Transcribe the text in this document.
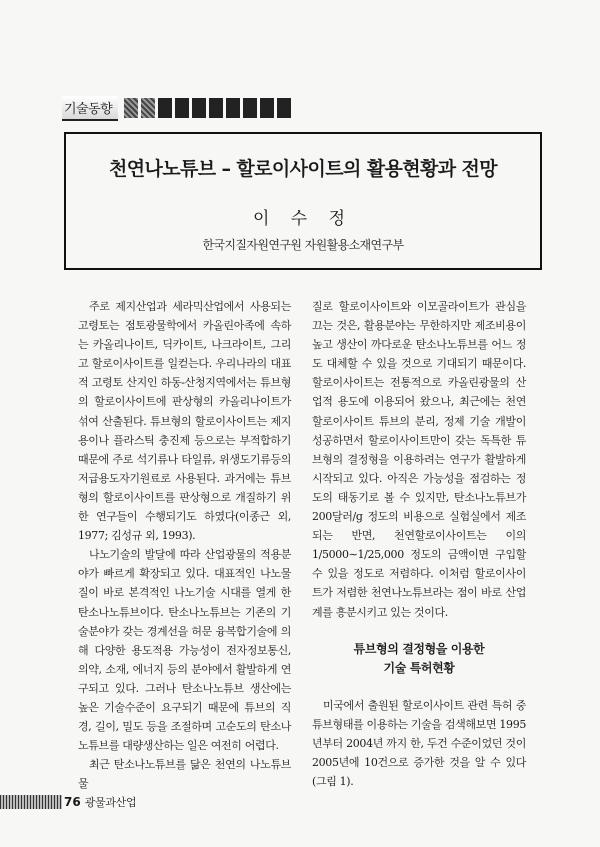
기술동향
천연나노튜브 – 할로이사이트의 활용현황과 전망
이 수 정
한국지질자원연구원 자원활용소재연구부

주로 제지산업과 세라믹산업에서 사용되는 고령토는 점토광물학에서 카올린아족에 속하는 카올리나이트, 딕카이트, 나크라이트, 그리고 할로이사이트를 일컫는다. 우리나라의 대표적 고령토 산지인 하동-산청지역에서는 튜브형의 할로이사이트에 판상형의 카올리나이트가 섞여 산출된다. 튜브형의 할로이사이트는 제지용이나 플라스틱 충진제 등으로는 부적합하기 때문에 주로 석기류나 타일류, 위생도기류등의 저급용도자기원료로 사용된다. 과거에는 튜브형의 할로이사이트를 판상형으로 개질하기 위한 연구들이 수행되기도 하였다(이종근 외, 1977; 김성규 외, 1993).

나노기술의 발달에 따라 산업광물의 적용분야가 빠르게 확장되고 있다. 대표적인 나노물질이 바로 본격적인 나노기술 시대를 열게 한 탄소나노튜브이다. 탄소나노튜브는 기존의 기술분야가 갖는 경계선을 허문 융복합기술에 의해 다양한 용도적용 가능성이 전자정보통신, 의약, 소재, 에너지 등의 분야에서 활발하게 연구되고 있다. 그러나 탄소나노튜브 생산에는 높은 기술수준이 요구되기 때문에 튜브의 직경, 길이, 밀도 등을 조절하며 고순도의 탄소나노튜브를 대량생산하는 일은 여전히 어렵다.

최근 탄소나노튜브를 닮은 천연의 나노튜브 물

질로 할로이사이트와 이모골라이트가 관심을 끄는 것은, 활용분야는 무한하지만 제조비용이 높고 생산이 까다로운 탄소나노튜브를 어느 정도 대체할 수 있을 것으로 기대되기 때문이다. 할로이사이트는 전통적으로 카올린광물의 산업적 용도에 이용되어 왔으나, 최근에는 천연 할로이사이트 튜브의 분리, 정제 기술 개발이 성공하면서 할로이사이트만이 갖는 독특한 튜브형의 결정형을 이용하려는 연구가 활발하게 시작되고 있다. 아직은 가능성을 점검하는 정도의 태동기로 볼 수 있지만, 탄소나노튜브가 200달러/g 정도의 비용으로 실험실에서 제조되는 반면, 천연할로이사이트는 이의 1/5000∼1/25,000 정도의 금액이면 구입할 수 있을 정도로 저렴하다. 이처럼 할로이사이트가 저렴한 천연나노튜브라는 점이 바로 산업계를 흥분시키고 있는 것이다.

튜브형의 결정형을 이용한
기술 특허현황

미국에서 출원된 할로이사이트 관련 특허 중 튜브형태를 이용하는 기술을 검색해보면 1995년부터 2004년 까지 한, 두건 수준이었던 것이 2005년에 10건으로 증가한 것을 알 수 있다(그림 1).

76 광물과산업
